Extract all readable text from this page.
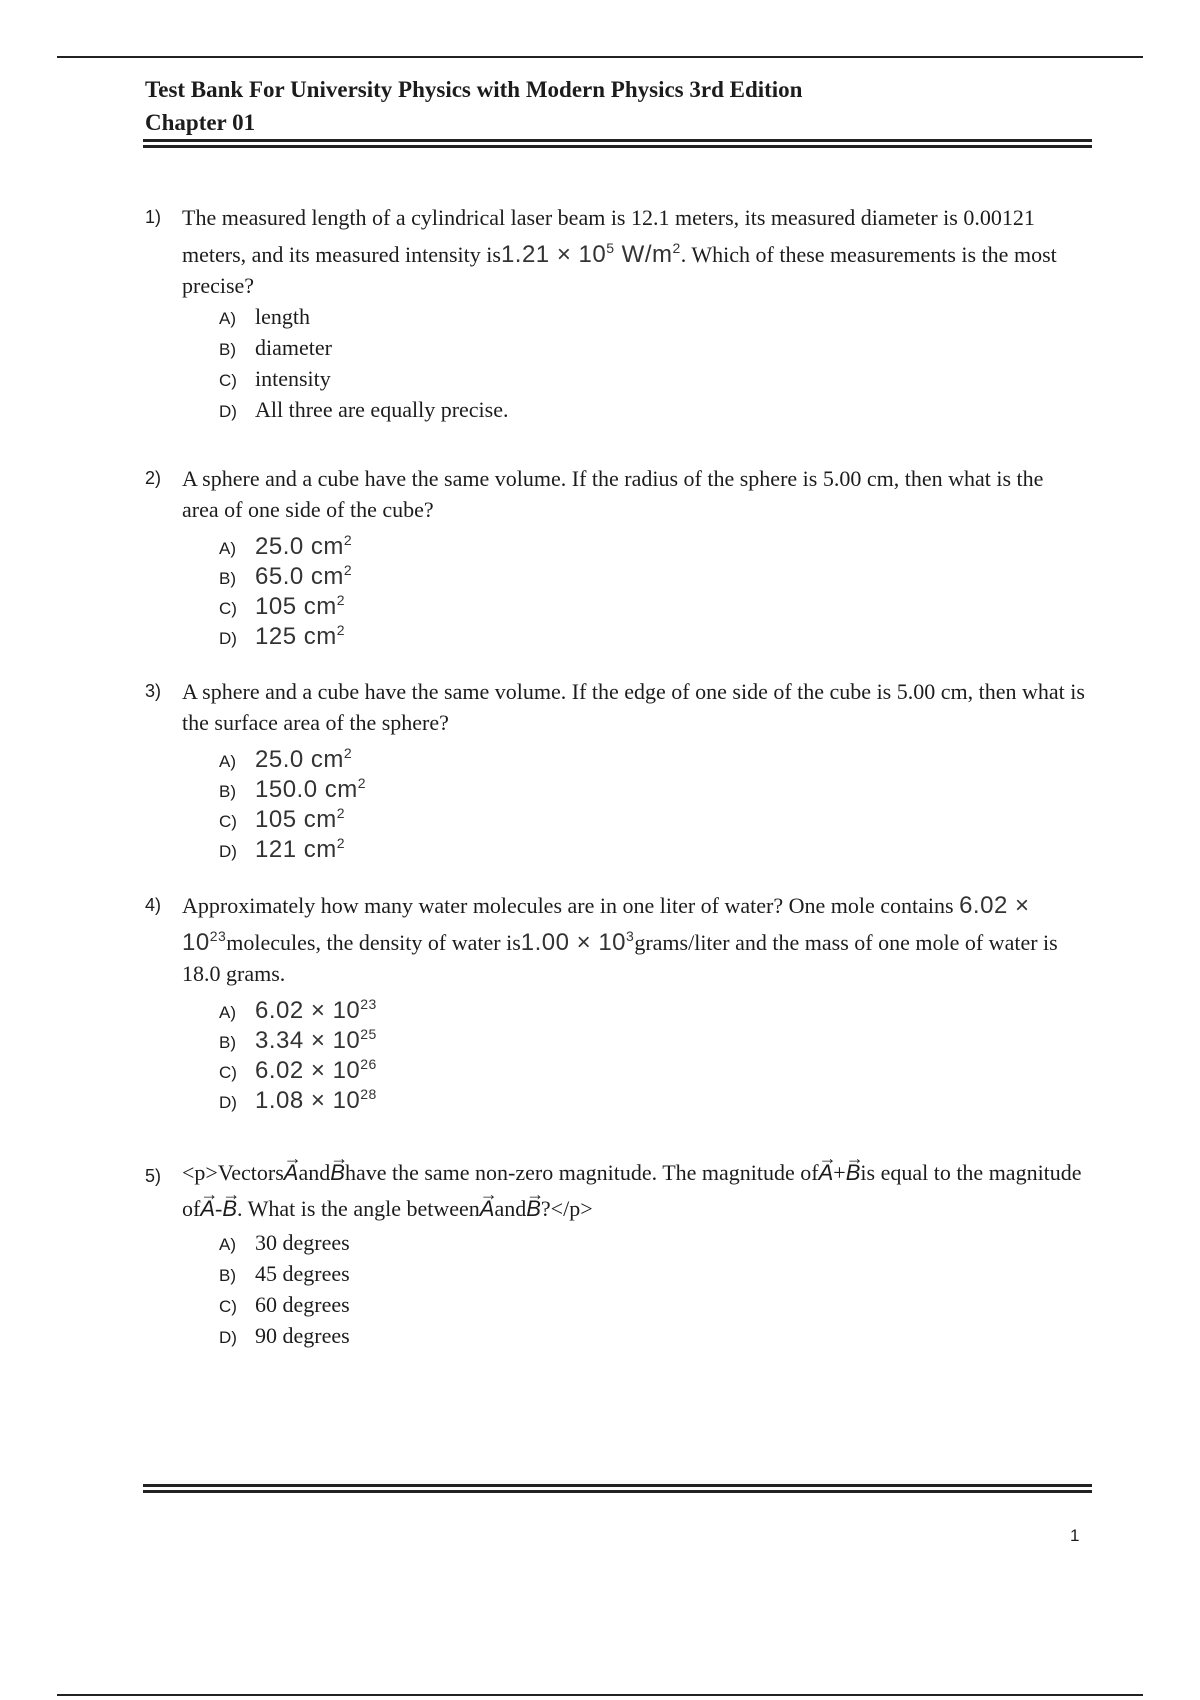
Test Bank For University Physics with Modern Physics 3rd Edition
Chapter 01
1) The measured length of a cylindrical laser beam is 12.1 meters, its measured diameter is 0.00121 meters, and its measured intensity $is1.21 \times 10^5$ $W/m^2$. Which of these measurements is the most precise?
A) length
B) diameter
C) intensity
D) All three are equally precise.
2) A sphere and a cube have the same volume. If the radius of the sphere is 5.00 cm, then what is the area of one side of the cube?
A) 25.0 $cm^2$
B) 65.0 $cm^2$
C) 105 $cm^2$
D) 125 $cm^2$
3) A sphere and a cube have the same volume. If the edge of one side of the cube is 5.00 cm, then what is the surface area of the sphere?
A) 25.0 $cm^2$
B) 150.0 $cm^2$
C) 105 $cm^2$
D) 121 $cm^2$
4) Approximately how many water molecules are in one liter of water? One mole contains $6.02 \times 10^{23}molecules$, the density of water $is1.00 \times 10^3grams$/liter and the mass of one mole of water is 18.0 grams.
A) $6.02 \times 10^{23}$
B) $3.34 \times 10^{25}$
C) $6.02 \times 10^{26}$
D) $1.08 \times 10^{28}$
5) <p>Vectors→ Aand→ Bhave the same non-zero magnitude. The magnitude of→ A+→ Bis equal to the magnitude of→ A-→ B. What is the angle between→ Aand→ B?</p>
A) 30 degrees
B) 45 degrees
C) 60 degrees
D) 90 degrees
1
